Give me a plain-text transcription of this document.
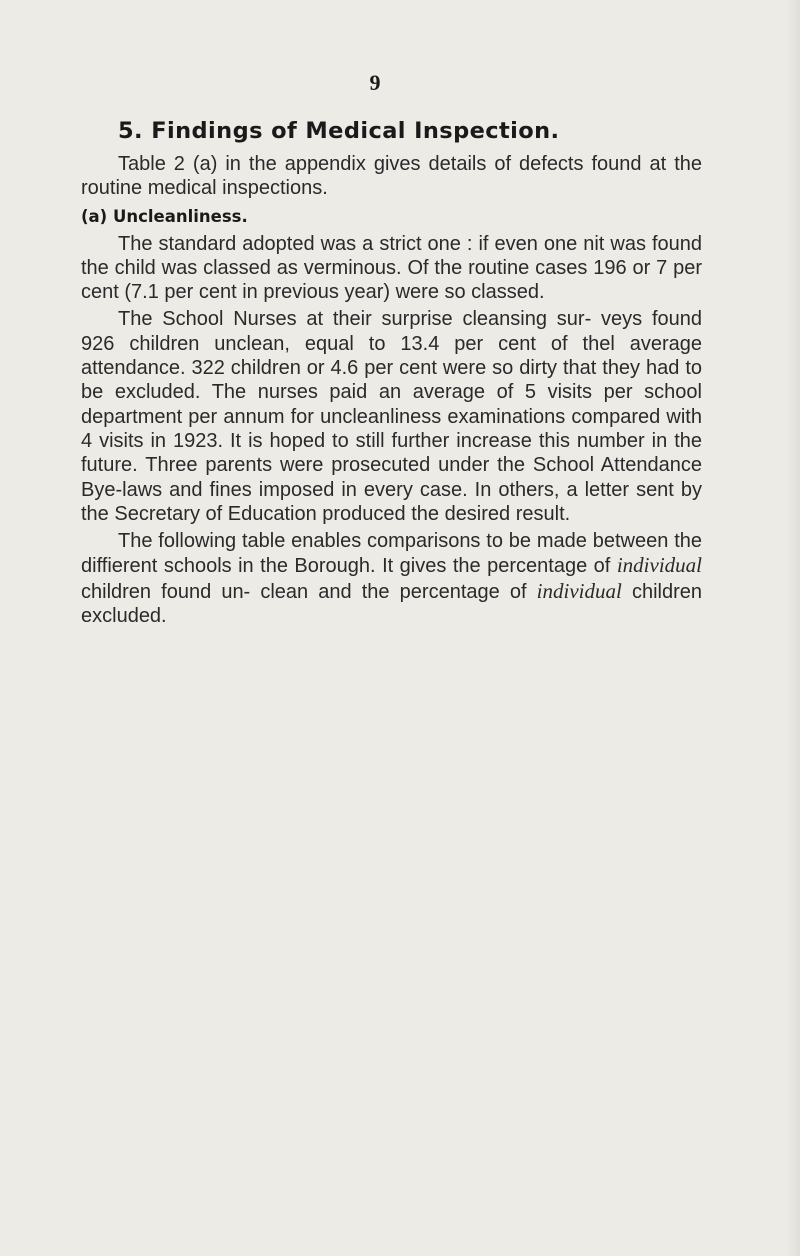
9
5. Findings of Medical Inspection.

Table 2 (a) in the appendix gives details of defects found at the routine medical inspections.

(a) Uncleanliness.

The standard adopted was a strict one : if even one nit was found the child was classed as verminous. Of the routine cases 196 or 7 per cent (7.1 per cent in previous year) were so classed.

The School Nurses at their surprise cleansing sur- veys found 926 children unclean, equal to 13.4 per cent of thel average attendance. 322 children or 4.6 per cent were so dirty that they had to be excluded. The nurses paid an average of 5 visits per school department per annum for uncleanliness examinations compared with 4 visits in 1923. It is hoped to still further increase this number in the future. Three parents were prosecuted under the School Attendance Bye-laws and fines imposed in every case. In others, a letter sent by the Secretary of Education produced the desired result.

The following table enables comparisons to be made between the diffierent schools in the Borough. It gives the percentage of individual children found un- clean and the percentage of individual children excluded.
